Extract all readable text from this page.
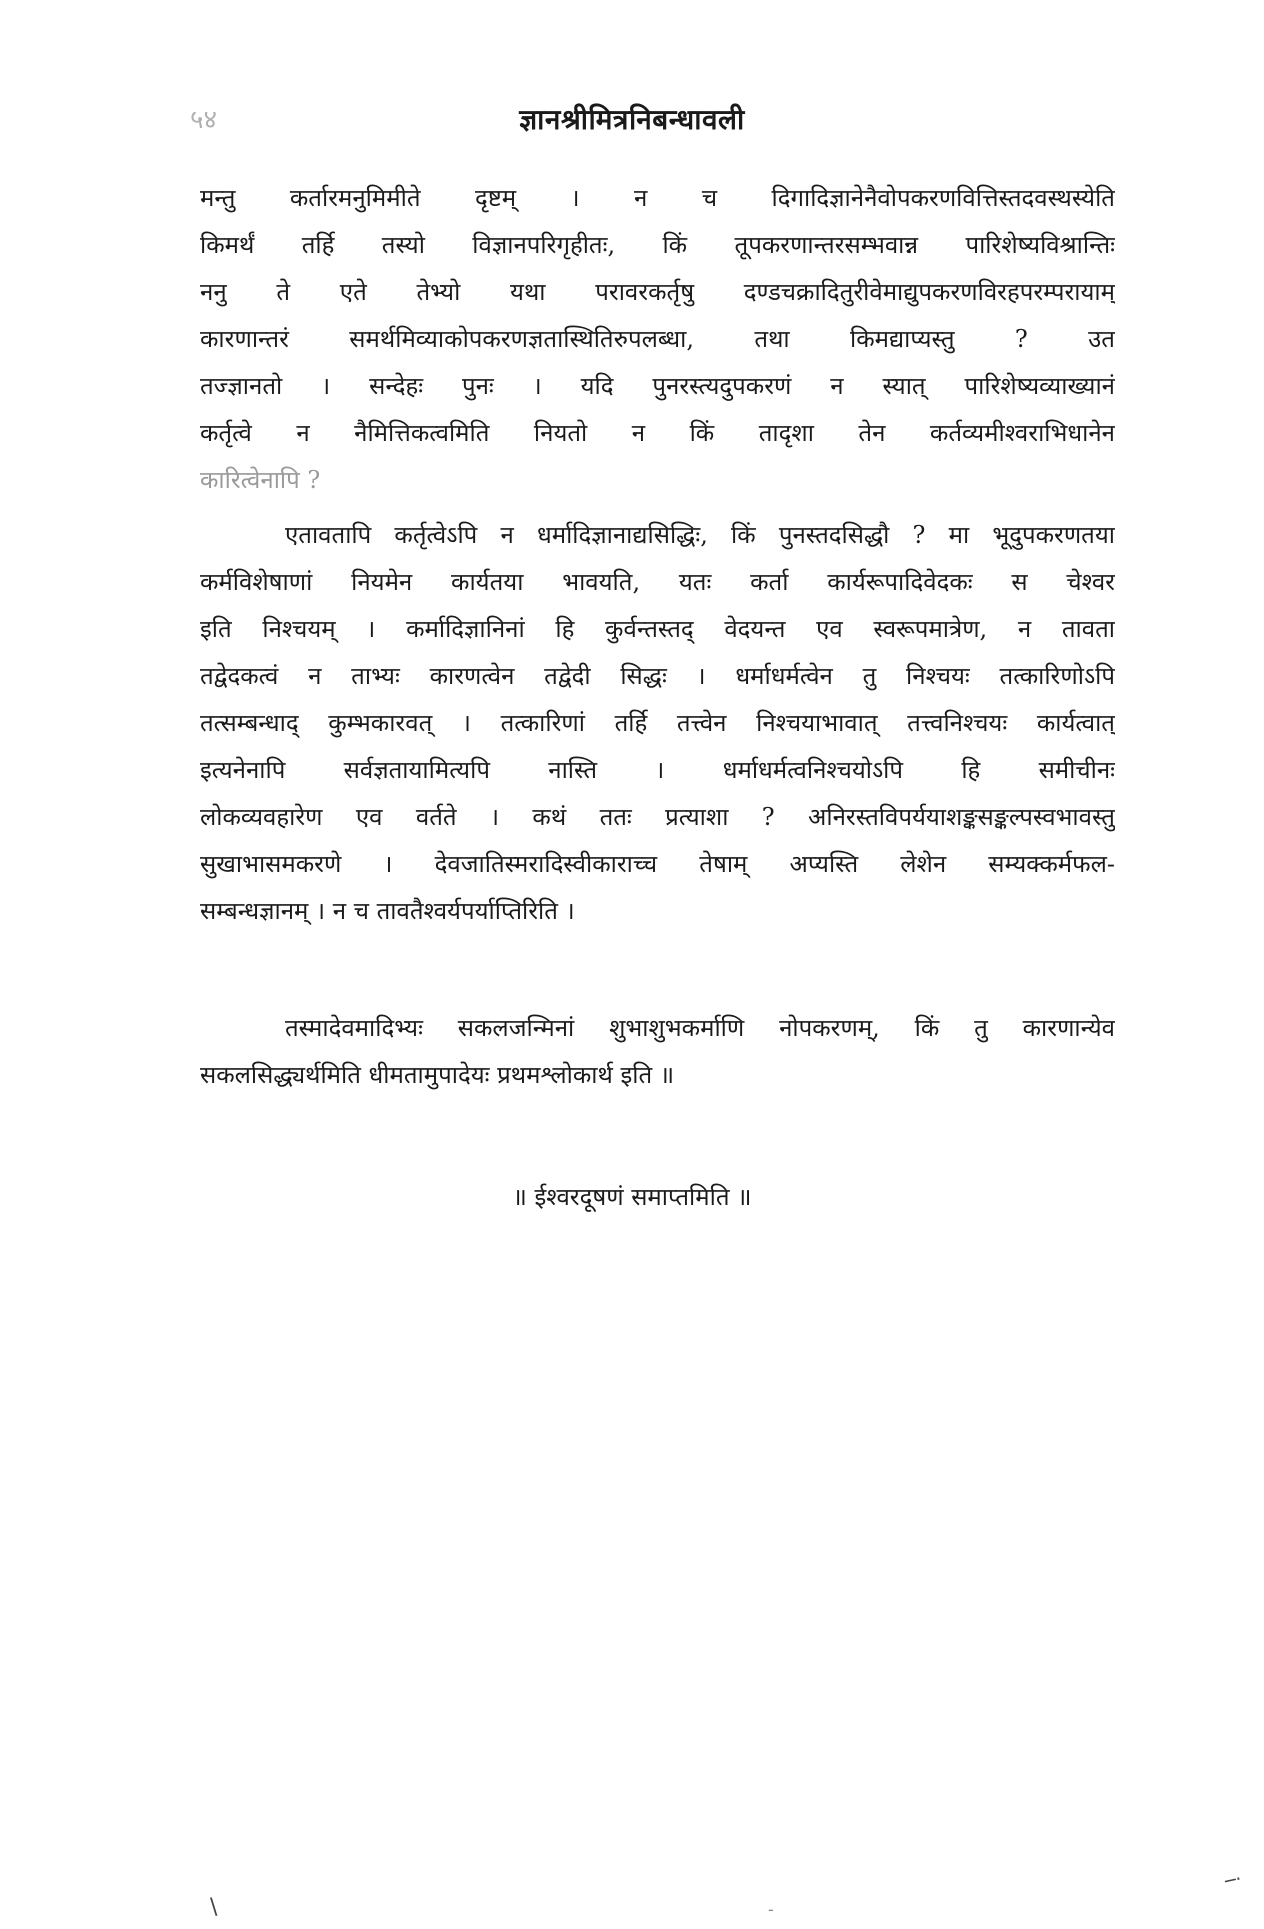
५४	ज्ञानश्रीमित्रनिबन्धावली
मन्तु कर्तारमनुमिमीते दृष्टम् । न च दिगादिज्ञानेनैवोपकरणवित्तिस्तदवस्थस्येति
किमर्थं तर्हि तस्यो विज्ञानपरिगृहीतः, किं तूपकरणान्तरसम्भवान्न पारिशेष्यविश्रान्तिः
ननु ते एते तेभ्यो यथा परावरकर्तृषु दण्डचक्रादितुरीवेमाद्युपकरणविरहपरम्परायाम्
कारणान्तरं समर्थमिव्याकोपकरणज्ञतास्थितिरुपलब्धा, तथा किमद्याप्यस्तु ? उत
तज्ज्ञानतो । सन्देहः पुनः । यदि पुनरस्त्यदुपकरणं न स्यात् पारिशेष्यव्याख्यानं
कर्तृत्वे न नैमित्तिकत्वमिति नियतो न किं तादृशा तेन कर्तव्यमीश्वराभिधानेन
कारित्वेनापि ?
एतावतापि कर्तृत्वेऽपि न धर्मादिज्ञानाद्यसिद्धिः, किं पुनस्तदसिद्धौ ? मा भूदुपकरणतया
कर्मविशेषाणां नियमेन कार्यतया भावयति, यतः कर्ता कार्यरूपादिवेदकः स चेश्वर
इति निश्चयम् । कर्मादिज्ञानिनां हि कुर्वन्तस्तद् वेदयन्त एव स्वरूपमात्रेण, न तावता
तद्वेदकत्वं न ताभ्यः कारणत्वेन तद्वेदी सिद्धः । धर्माधर्मत्वेन तु निश्चयः तत्कारिणोऽपि
तत्सम्बन्धाद् कुम्भकारवत् । तत्कारिणां तर्हि तत्त्वेन निश्चयाभावात् तत्त्वनिश्चयः कार्यत्वात्
इत्यनेनापि सर्वज्ञतायामित्यपि नास्ति । धर्माधर्मत्वनिश्चयोऽपि हि समीचीनः
लोकव्यवहारेण एव वर्तते । कथं ततः प्रत्याशा ? अनिरस्तविपर्ययाशङ्कसङ्कल्पस्वभावस्तु
सुखाभासमकरणे । देवजातिस्मरादिस्वीकाराच्च तेषाम् अप्यस्ति लेशेन सम्यक्कर्मफल-
सम्बन्धज्ञानम् । न च तावतैश्वर्यपर्याप्तिरिति ।
तस्मादेवमादिभ्यः सकलजन्मिनां शुभाशुभकर्माणि नोपकरणम्, किं तु कारणान्येव
सकलसिद्ध्यर्थमिति धीमतामुपादेयः प्रथमश्लोकार्थ इति ॥
॥ ईश्वरदूषणं समाप्तमिति ॥
─·
\	-
